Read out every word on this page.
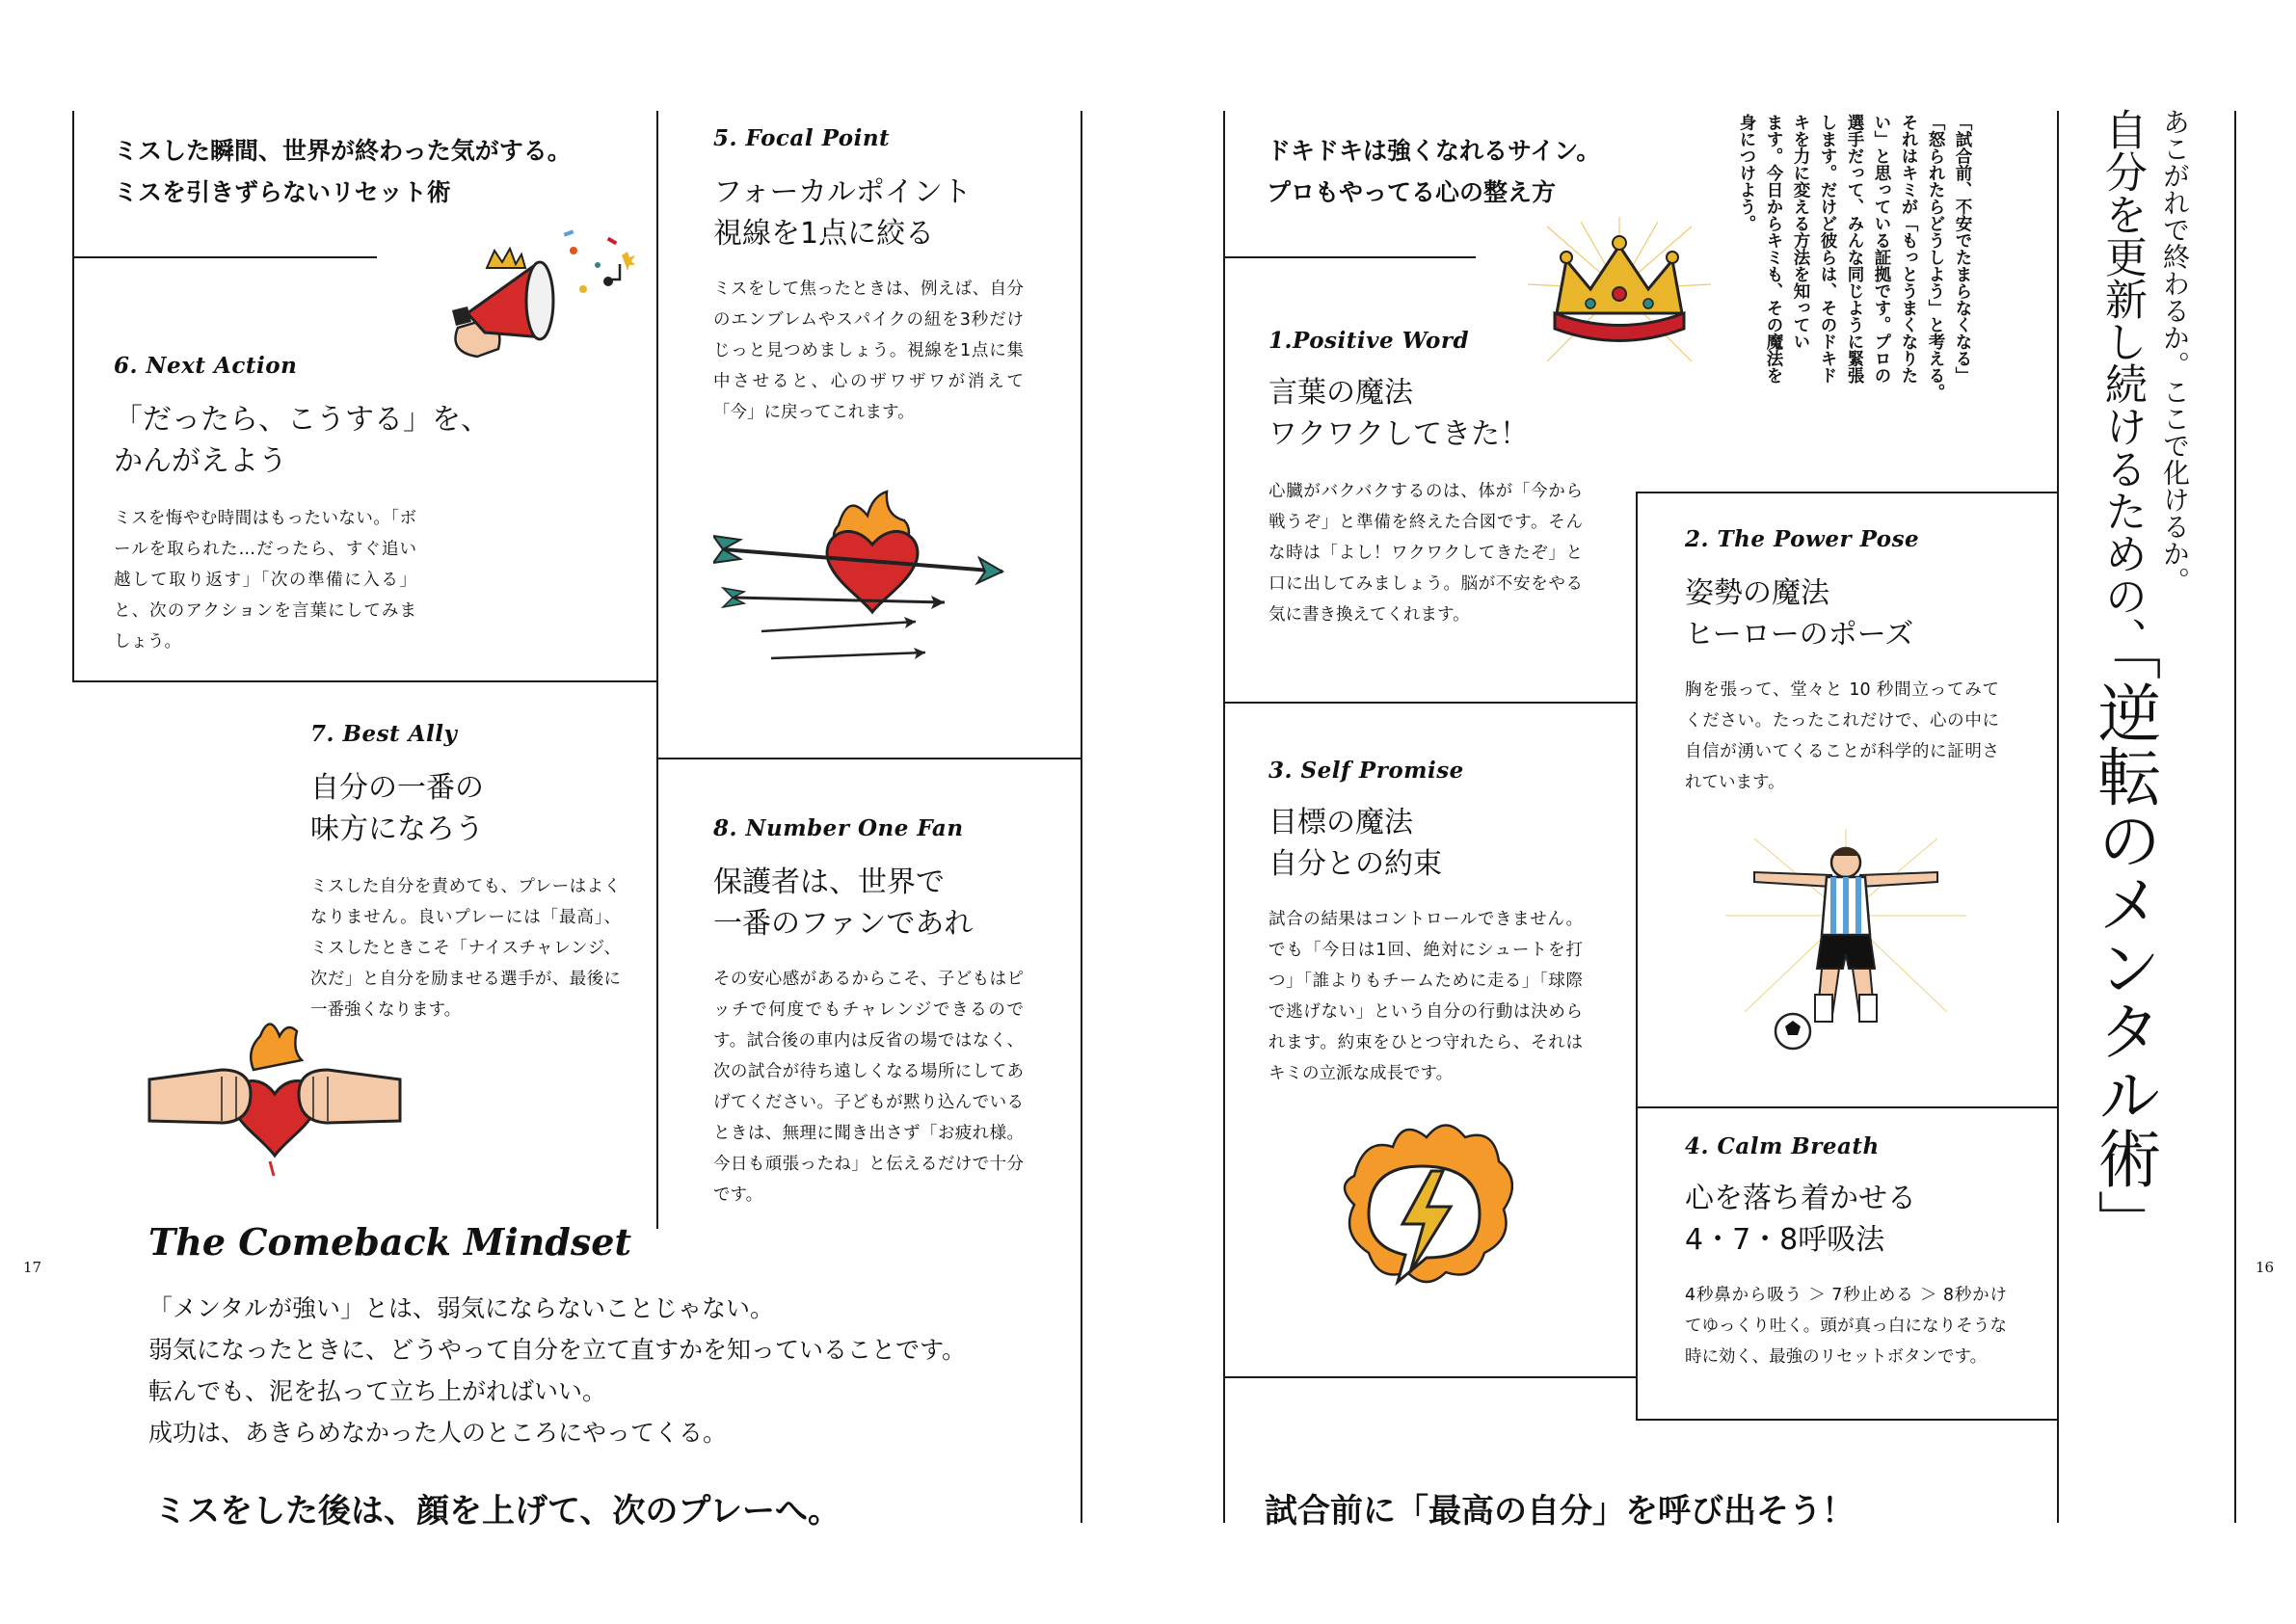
17	16
ミスした瞬間、世界が終わった気がする。
ミスを引きずらないリセット術
5. Focal Point
フォーカルポイント
視線を1点に絞る
ミスをして焦ったときは、例えば、自分のエンブレムやスパイクの紐を3秒だけじっと見つめましょう。視線を1点に集中させると、心のザワザワが消えて「今」に戻ってこれます。
6. Next Action
「だったら、こうする」を、
かんがえよう
ミスを悔やむ時間はもったいない。「ボールを取られた…だったら、すぐ追い越して取り返す」「次の準備に入る」と、次のアクションを言葉にしてみましょう。
7. Best Ally
自分の一番の
味方になろう
ミスした自分を責めても、プレーはよくなりません。良いプレーには「最高」、ミスしたときこそ「ナイスチャレンジ、次だ」と自分を励ませる選手が、最後に一番強くなります。
8. Number One Fan
保護者は、世界で
一番のファンであれ
その安心感があるからこそ、子どもはピッチで何度でもチャレンジできるのです。試合後の車内は反省の場ではなく、次の試合が待ち遠しくなる場所にしてあげてください。子どもが黙り込んでいるときは、無理に聞き出さず「お疲れ様。今日も頑張ったね」と伝えるだけで十分です。
The Comeback Mindset
「メンタルが強い」とは、弱気にならないことじゃない。
弱気になったときに、どうやって自分を立て直すかを知っていることです。
転んでも、泥を払って立ち上がればいい。
成功は、あきらめなかった人のところにやってくる。
ミスをした後は、顔を上げて、次のプレーへ。
ドキドキは強くなれるサイン。
プロもやってる心の整え方
1.Positive Word
言葉の魔法
ワクワクしてきた！
心臓がバクバクするのは、体が「今から戦うぞ」と準備を終えた合図です。そんな時は「よし！ワクワクしてきたぞ」と口に出してみましょう。脳が不安をやる気に書き換えてくれます。
2. The Power Pose
姿勢の魔法
ヒーローのポーズ
胸を張って、堂々と 10 秒間立ってみてください。たったこれだけで、心の中に自信が湧いてくることが科学的に証明されています。
3. Self Promise
目標の魔法
自分との約束
試合の結果はコントロールできません。でも「今日は1回、絶対にシュートを打つ」「誰よりもチームために走る」「球際で逃げない」という自分の行動は決められます。約束をひとつ守れたら、それはキミの立派な成長です。
4. Calm Breath
心を落ち着かせる
4・7・8呼吸法
4秒鼻から吸う ＞ 7秒止める ＞ 8秒かけてゆっくり吐く。頭が真っ白になりそうな時に効く、最強のリセットボタンです。
試合前に「最高の自分」を呼び出そう！
「試合前、不安でたまらなくなる」
「怒られたらどうしよう」と考える。
それはキミが「もっとうまくなりた
い」と思っている証拠です。プロの
選手だって、みんな同じように緊張
します。だけど彼らは、そのドキド
キを力に変える方法を知ってい
ます。今日からキミも、その魔法を
身につけよう。	あこがれで終わるか。ここで化けるか。
自分を更新し続けるための、
「逆転のメンタル術」
